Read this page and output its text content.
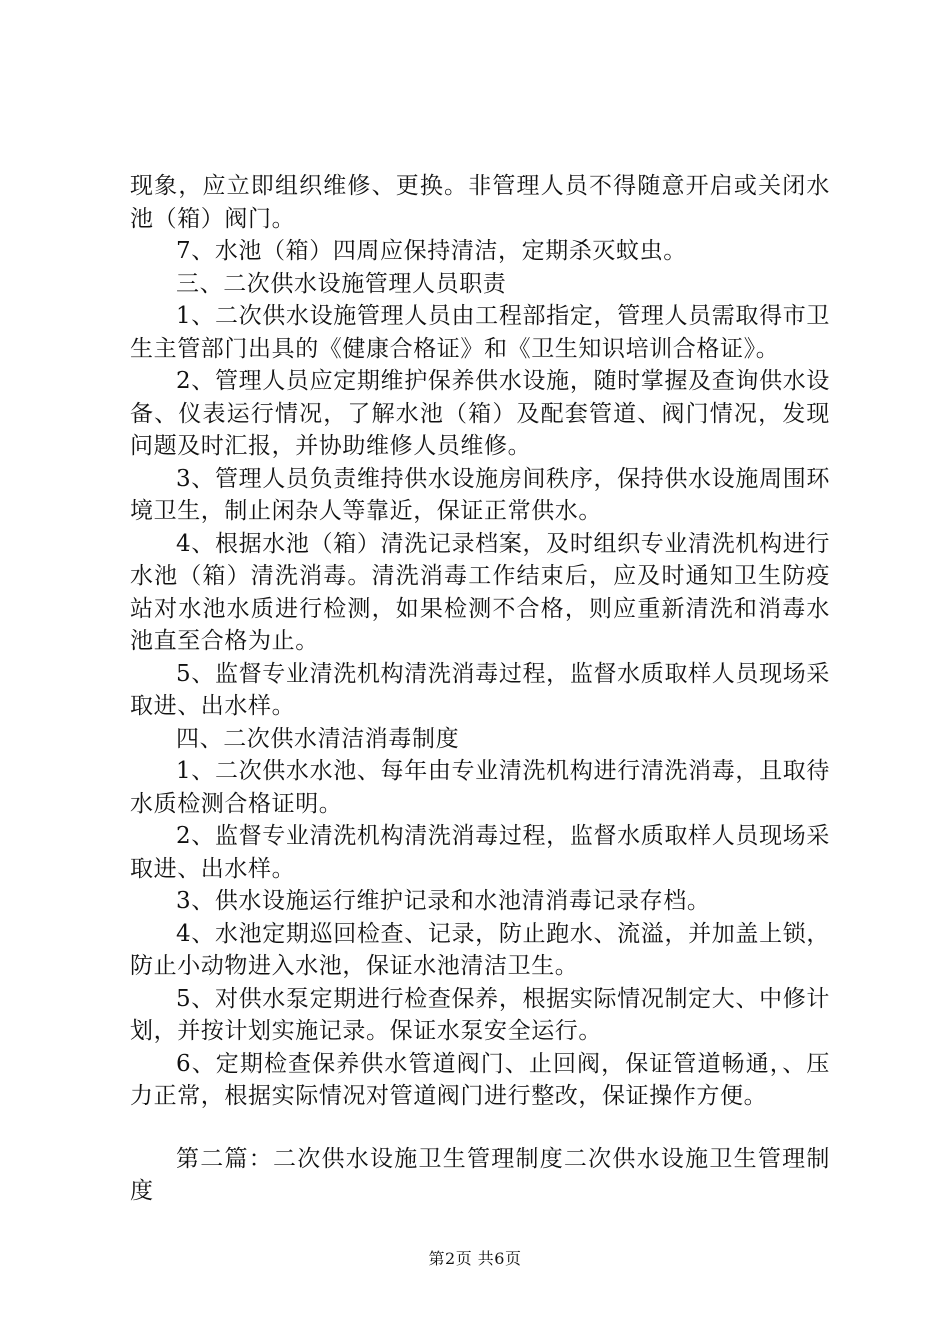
现象，应立即组织维修、更换。非管理人员不得随意开启或关闭水池（箱）阀门。

7、水池（箱）四周应保持清洁，定期杀灭蚊虫。

三、二次供水设施管理人员职责

1、二次供水设施管理人员由工程部指定，管理人员需取得市卫生主管部门出具的《健康合格证》和《卫生知识培训合格证》。

2、管理人员应定期维护保养供水设施，随时掌握及查询供水设备、仪表运行情况，了解水池（箱）及配套管道、阀门情况，发现问题及时汇报，并协助维修人员维修。

3、管理人员负责维持供水设施房间秩序，保持供水设施周围环境卫生，制止闲杂人等靠近，保证正常供水。

4、根据水池（箱）清洗记录档案，及时组织专业清洗机构进行水池（箱）清洗消毒。清洗消毒工作结束后，应及时通知卫生防疫站对水池水质进行检测，如果检测不合格，则应重新清洗和消毒水池直至合格为止。

5、监督专业清洗机构清洗消毒过程，监督水质取样人员现场采取进、出水样。

四、二次供水清洁消毒制度

1、二次供水水池、每年由专业清洗机构进行清洗消毒，且取待水质检测合格证明。

2、监督专业清洗机构清洗消毒过程，监督水质取样人员现场采取进、出水样。

3、供水设施运行维护记录和水池清消毒记录存档。

4、水池定期巡回检查、记录，防止跑水、流溢，并加盖上锁，防止小动物进入水池，保证水池清洁卫生。

5、对供水泵定期进行检查保养，根据实际情况制定大、中修计划，并按计划实施记录。保证水泵安全运行。

6、定期检查保养供水管道阀门、止回阀，保证管道畅通，、压力正常，根据实际情况对管道阀门进行整改，保证操作方便。

第二篇：二次供水设施卫生管理制度二次供水设施卫生管理制度

第2页 共6页
